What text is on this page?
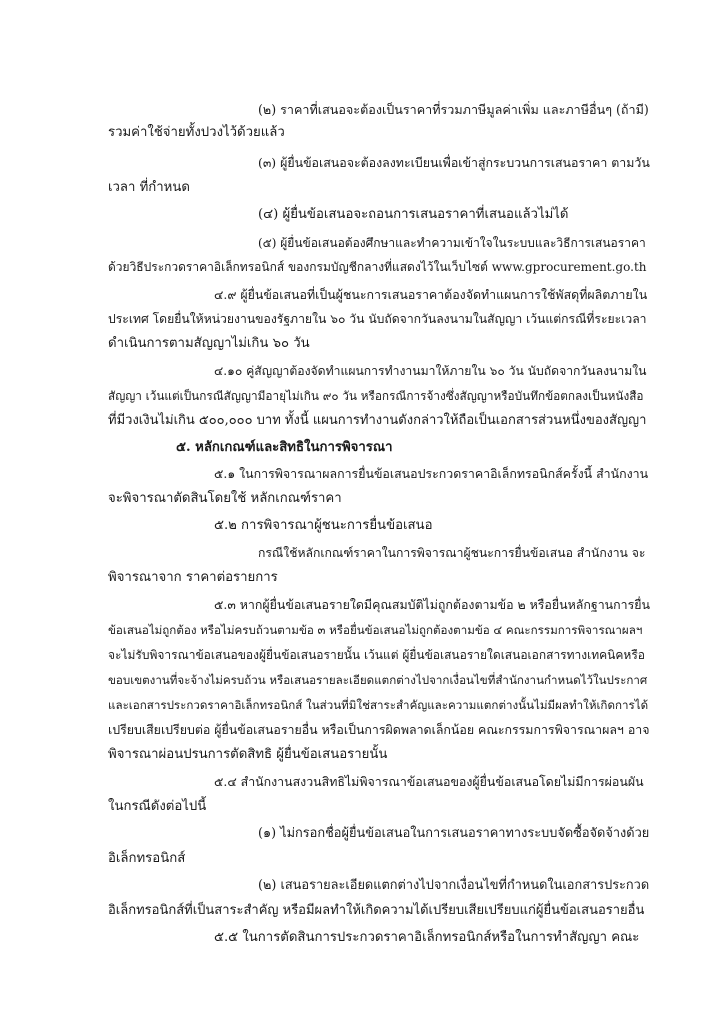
(๒) ราคาที่เสนอจะต้องเป็นราคาที่รวมภาษีมูลค่าเพิ่ม และภาษีอื่นๆ (ถ้ามี)
รวมค่าใช้จ่ายทั้งปวงไว้ด้วยแล้ว
(๓) ผู้ยื่นข้อเสนอจะต้องลงทะเบียนเพื่อเข้าสู่กระบวนการเสนอราคา ตามวัน
เวลา ที่กำหนด
(๔) ผู้ยื่นข้อเสนอจะถอนการเสนอราคาที่เสนอแล้วไม่ได้
(๕) ผู้ยื่นข้อเสนอต้องศึกษาและทำความเข้าใจในระบบและวิธีการเสนอราคา
ด้วยวิธีประกวดราคาอิเล็กทรอนิกส์ ของกรมบัญชีกลางที่แสดงไว้ในเว็บไซต์ www.gprocurement.go.th
๔.๙ ผู้ยื่นข้อเสนอที่เป็นผู้ชนะการเสนอราคาต้องจัดทำแผนการใช้พัสดุที่ผลิตภายใน
ประเทศ โดยยื่นให้หน่วยงานของรัฐภายใน ๖๐ วัน นับถัดจากวันลงนามในสัญญา เว้นแต่กรณีที่ระยะเวลา
ดำเนินการตามสัญญาไม่เกิน ๖๐ วัน
๔.๑๐ คู่สัญญาต้องจัดทำแผนการทำงานมาให้ภายใน ๖๐ วัน นับถัดจากวันลงนามใน
สัญญา เว้นแต่เป็นกรณีสัญญามีอายุไม่เกิน ๙๐ วัน หรือกรณีการจ้างซึ่งสัญญาหรือบันทึกข้อตกลงเป็นหนังสือ
ที่มีวงเงินไม่เกิน ๕๐๐,๐๐๐ บาท ทั้งนี้ แผนการทำงานดังกล่าวให้ถือเป็นเอกสารส่วนหนึ่งของสัญญา
๕. หลักเกณฑ์และสิทธิในการพิจารณา
๕.๑ ในการพิจารณาผลการยื่นข้อเสนอประกวดราคาอิเล็กทรอนิกส์ครั้งนี้ สำนักงาน
จะพิจารณาตัดสินโดยใช้ หลักเกณฑ์ราคา
๕.๒ การพิจารณาผู้ชนะการยื่นข้อเสนอ
กรณีใช้หลักเกณฑ์ราคาในการพิจารณาผู้ชนะการยื่นข้อเสนอ สำนักงาน จะ
พิจารณาจาก ราคาต่อรายการ
๕.๓ หากผู้ยื่นข้อเสนอรายใดมีคุณสมบัติไม่ถูกต้องตามข้อ ๒ หรือยื่นหลักฐานการยื่น
ข้อเสนอไม่ถูกต้อง หรือไม่ครบถ้วนตามข้อ ๓ หรือยื่นข้อเสนอไม่ถูกต้องตามข้อ ๔ คณะกรรมการพิจารณาผลฯ
จะไม่รับพิจารณาข้อเสนอของผู้ยื่นข้อเสนอรายนั้น เว้นแต่ ผู้ยื่นข้อเสนอรายใดเสนอเอกสารทางเทคนิคหรือ
ขอบเขตงานที่จะจ้างไม่ครบถ้วน หรือเสนอรายละเอียดแตกต่างไปจากเงื่อนไขที่สำนักงานกำหนดไว้ในประกาศ
และเอกสารประกวดราคาอิเล็กทรอนิกส์ ในส่วนที่มิใช่สาระสำคัญและความแตกต่างนั้นไม่มีผลทำให้เกิดการได้
เปรียบเสียเปรียบต่อ ผู้ยื่นข้อเสนอรายอื่น หรือเป็นการผิดพลาดเล็กน้อย คณะกรรมการพิจารณาผลฯ อาจ
พิจารณาผ่อนปรนการตัดสิทธิ ผู้ยื่นข้อเสนอรายนั้น
๕.๔ สำนักงานสงวนสิทธิไม่พิจารณาข้อเสนอของผู้ยื่นข้อเสนอโดยไม่มีการผ่อนผัน
ในกรณีดังต่อไปนี้
(๑) ไม่กรอกชื่อผู้ยื่นข้อเสนอในการเสนอราคาทางระบบจัดซื้อจัดจ้างด้วย
อิเล็กทรอนิกส์
(๒) เสนอรายละเอียดแตกต่างไปจากเงื่อนไขที่กำหนดในเอกสารประกวด
อิเล็กทรอนิกส์ที่เป็นสาระสำคัญ หรือมีผลทำให้เกิดความได้เปรียบเสียเปรียบแก่ผู้ยื่นข้อเสนอรายอื่น
๕.๕ ในการตัดสินการประกวดราคาอิเล็กทรอนิกส์หรือในการทำสัญญา คณะ
